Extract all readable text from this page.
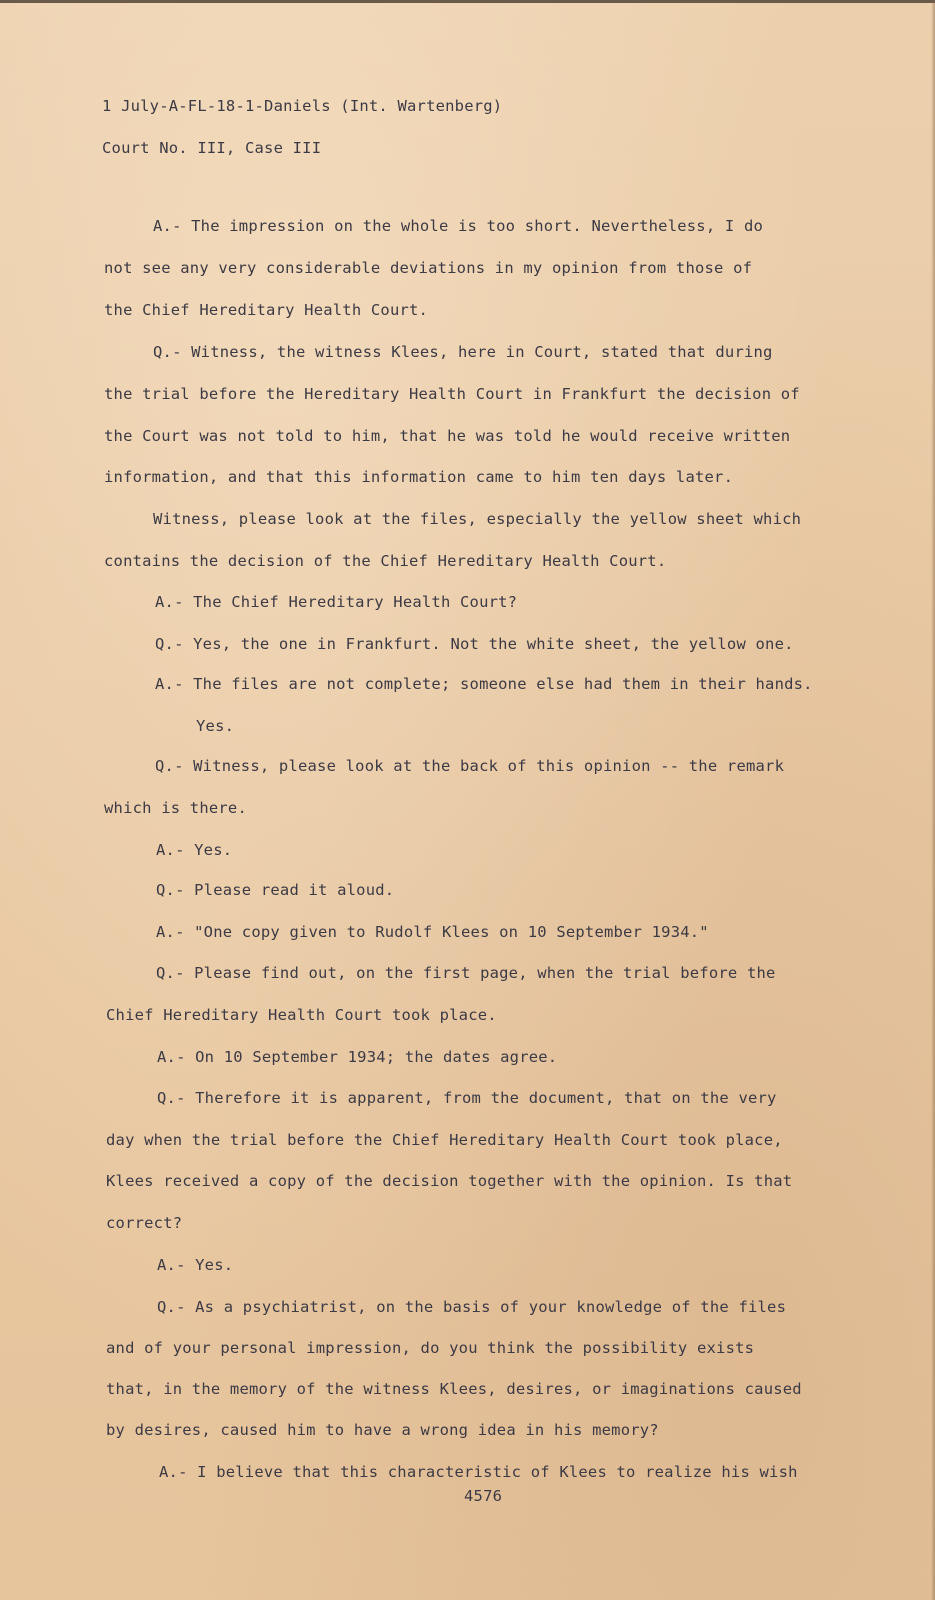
1 July-A-FL-18-1-Daniels (Int. Wartenberg)
Court No. III, Case III
A.- The impression on the whole is too short. Nevertheless, I do
not see any very considerable deviations in my opinion from those of
the Chief Hereditary Health Court.
Q.- Witness, the witness Klees, here in Court, stated that during
the trial before the Hereditary Health Court in Frankfurt the decision of
the Court was not told to him, that he was told he would receive written
information, and that this information came to him ten days later.
Witness, please look at the files, especially the yellow sheet which
contains the decision of the Chief Hereditary Health Court.
A.- The Chief Hereditary Health Court?
Q.- Yes, the one in Frankfurt. Not the white sheet, the yellow one.
A.- The files are not complete; someone else had them in their hands.
Yes.
Q.- Witness, please look at the back of this opinion -- the remark
which is there.
A.- Yes.
Q.- Please read it aloud.
A.- "One copy given to Rudolf Klees on 10 September 1934."
Q.- Please find out, on the first page, when the trial before the
Chief Hereditary Health Court took place.
A.- On 10 September 1934; the dates agree.
Q.- Therefore it is apparent, from the document, that on the very
day when the trial before the Chief Hereditary Health Court took place,
Klees received a copy of the decision together with the opinion. Is that
correct?
A.- Yes.
Q.- As a psychiatrist, on the basis of your knowledge of the files
and of your personal impression, do you think the possibility exists
that, in the memory of the witness Klees, desires, or imaginations caused
by desires, caused him to have a wrong idea in his memory?
A.- I believe that this characteristic of Klees to realize his wish
4576
